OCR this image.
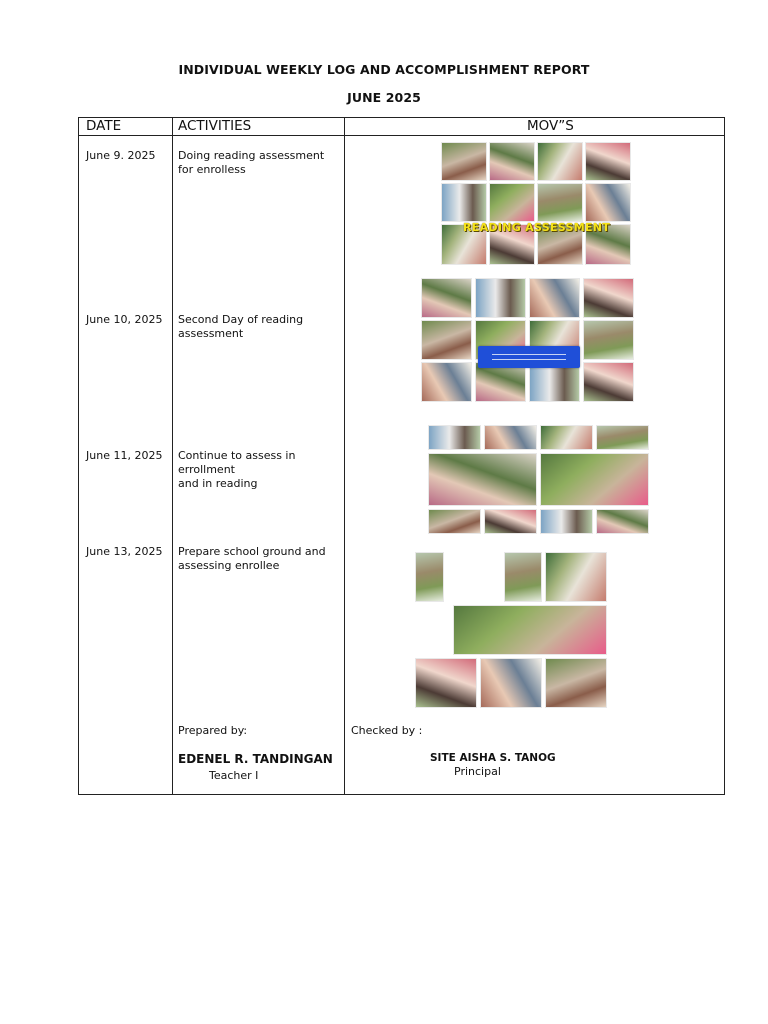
INDIVIDUAL WEEKLY LOG AND ACCOMPLISHMENT REPORT
JUNE 2025
DATE	ACTIVITIES	MOV”S
June 9. 2025 Doing reading assessment
for enrolless
June 10, 2025 Second Day of reading
assessment
June 11, 2025 Continue to assess in
errollment
and in reading
June 13, 2025 Prepare school ground and
assessing enrollee
READING ASSESSMENT
Prepared by:
EDENEL R. TANDINGAN
Teacher I
Checked by :
SITE AISHA S. TANOG
Principal
